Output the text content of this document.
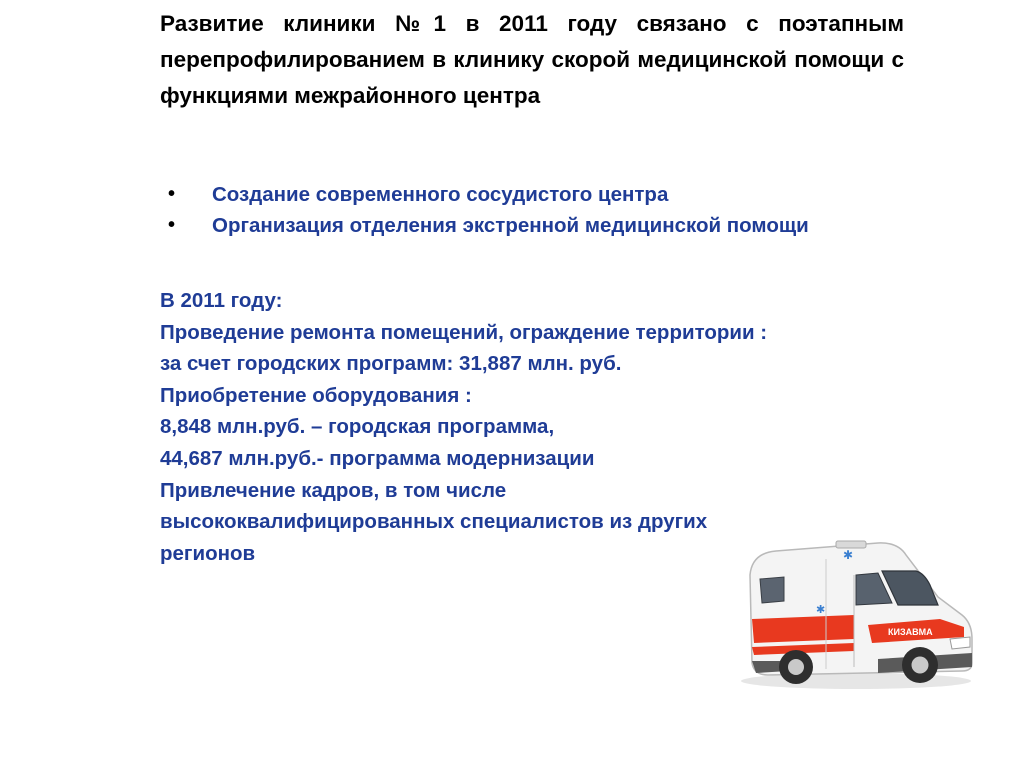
Развитие клиники №1 в 2011 году связано с поэтапным перепрофилированием в клинику скорой медицинской помощи с функциями межрайонного центра

• Создание современного сосудистого центра
• Организация отделения экстренной медицинской помощи

В 2011 году:

Проведение ремонта помещений, ограждение территории :

за счет городских программ: 31,887 млн. руб.

Приобретение оборудования :

8,848 млн.руб. – городская программа,

44,687 млн.руб.- программа модернизации

Привлечение кадров, в том числе

высококвалифицированных специалистов из других

регионов	✱
КИЗАВМА
✱
